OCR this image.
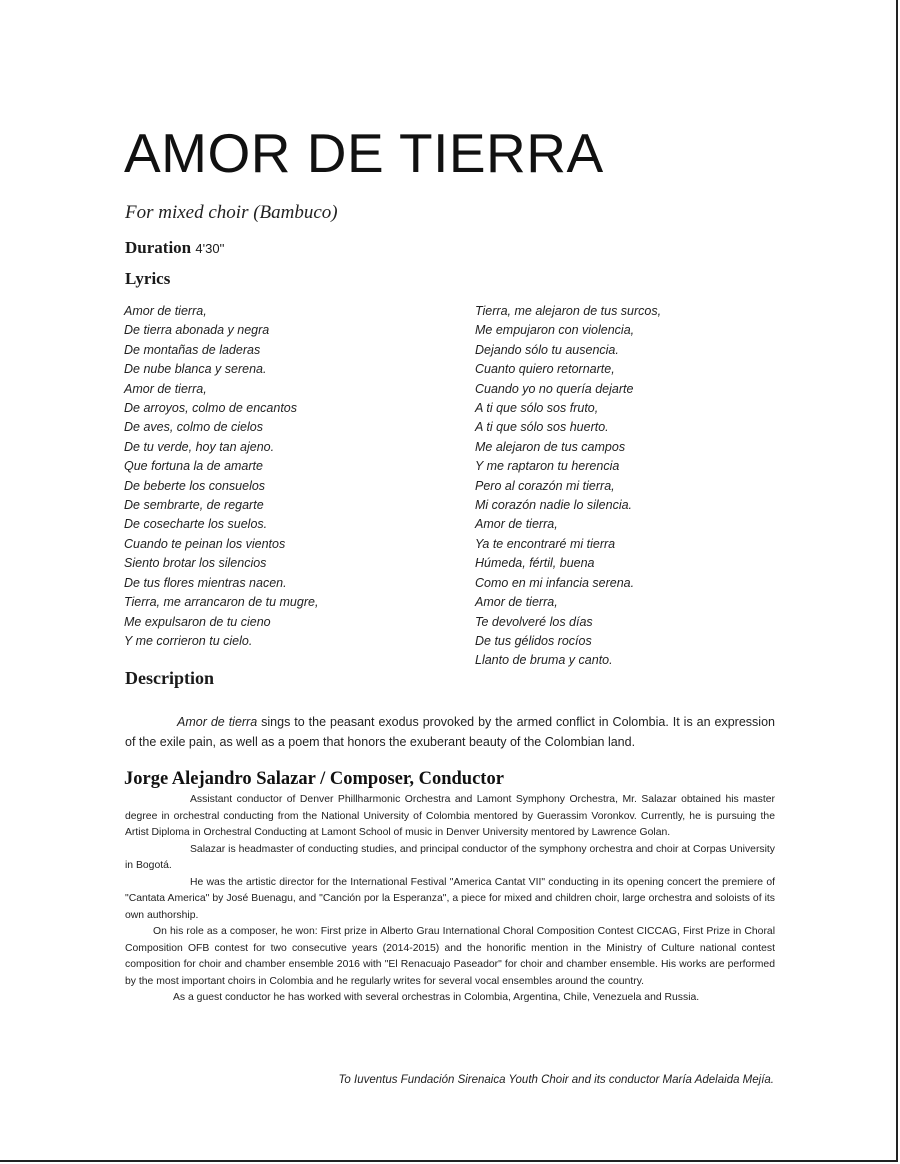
AMOR DE TIERRA
For mixed choir (Bambuco)
Duration 4'30''
Lyrics
Amor de tierra,
De tierra abonada y negra
De montañas de laderas
De nube blanca y serena.
Amor de tierra,
De arroyos, colmo de encantos
De aves, colmo de cielos
De tu verde, hoy tan ajeno.
Que fortuna la de amarte
De beberte los consuelos
De sembrarte, de regarte
De cosecharte los suelos.
Cuando te peinan los vientos
Siento brotar los silencios
De tus flores mientras nacen.
Tierra, me arrancaron de tu mugre,
Me expulsaron de tu cieno
Y me corrieron tu cielo.
Tierra, me alejaron de tus surcos,
Me empujaron con violencia,
Dejando sólo tu ausencia.
Cuanto quiero retornarte,
Cuando yo no quería dejarte
A ti que sólo sos fruto,
A ti que sólo sos huerto.
Me alejaron de tus campos
Y me raptaron tu herencia
Pero al corazón mi tierra,
Mi corazón nadie lo silencia.
Amor de tierra,
Ya te encontraré mi tierra
Húmeda, fértil, buena
Como en mi infancia serena.
Amor de tierra,
Te devolveré los días
De tus gélidos rocíos
Llanto de bruma y canto.
Description

Amor de tierra sings to the peasant exodus provoked by the armed conflict in Colombia. It is an expression of the exile pain, as well as a poem that honors the exuberant beauty of the Colombian land.

Jorge Alejandro Salazar / Composer, Conductor

Assistant conductor of Denver Phillharmonic Orchestra and Lamont Symphony Orchestra, Mr. Salazar obtained his master degree in orchestral conducting from the National University of Colombia mentored by Guerassim Voronkov. Currently, he is pursuing the Artist Diploma in Orchestral Conducting at Lamont School of music in Denver University mentored by Lawrence Golan.

Salazar is headmaster of conducting studies, and principal conductor of the symphony orchestra and choir at Corpas University in Bogotá.

He was the artistic director for the International Festival "America Cantat VII" conducting in its opening concert the premiere of "Cantata America" by José Buenagu, and "Canción por la Esperanza", a piece for mixed and children choir, large orchestra and soloists of its own authorship.

On his role as a composer, he won: First prize in Alberto Grau International Choral Composition Contest CICCAG, First Prize in Choral Composition OFB contest for two consecutive years (2014-2015) and the honorific mention in the Ministry of Culture national contest composition for choir and chamber ensemble 2016 with "El Renacuajo Paseador" for choir and chamber ensemble. His works are performed by the most important choirs in Colombia and he regularly writes for several vocal ensembles around the country.

As a guest conductor he has worked with several orchestras in Colombia, Argentina, Chile, Venezuela and Russia.

To Iuventus Fundación Sirenaica Youth Choir and its conductor María Adelaida Mejía.
